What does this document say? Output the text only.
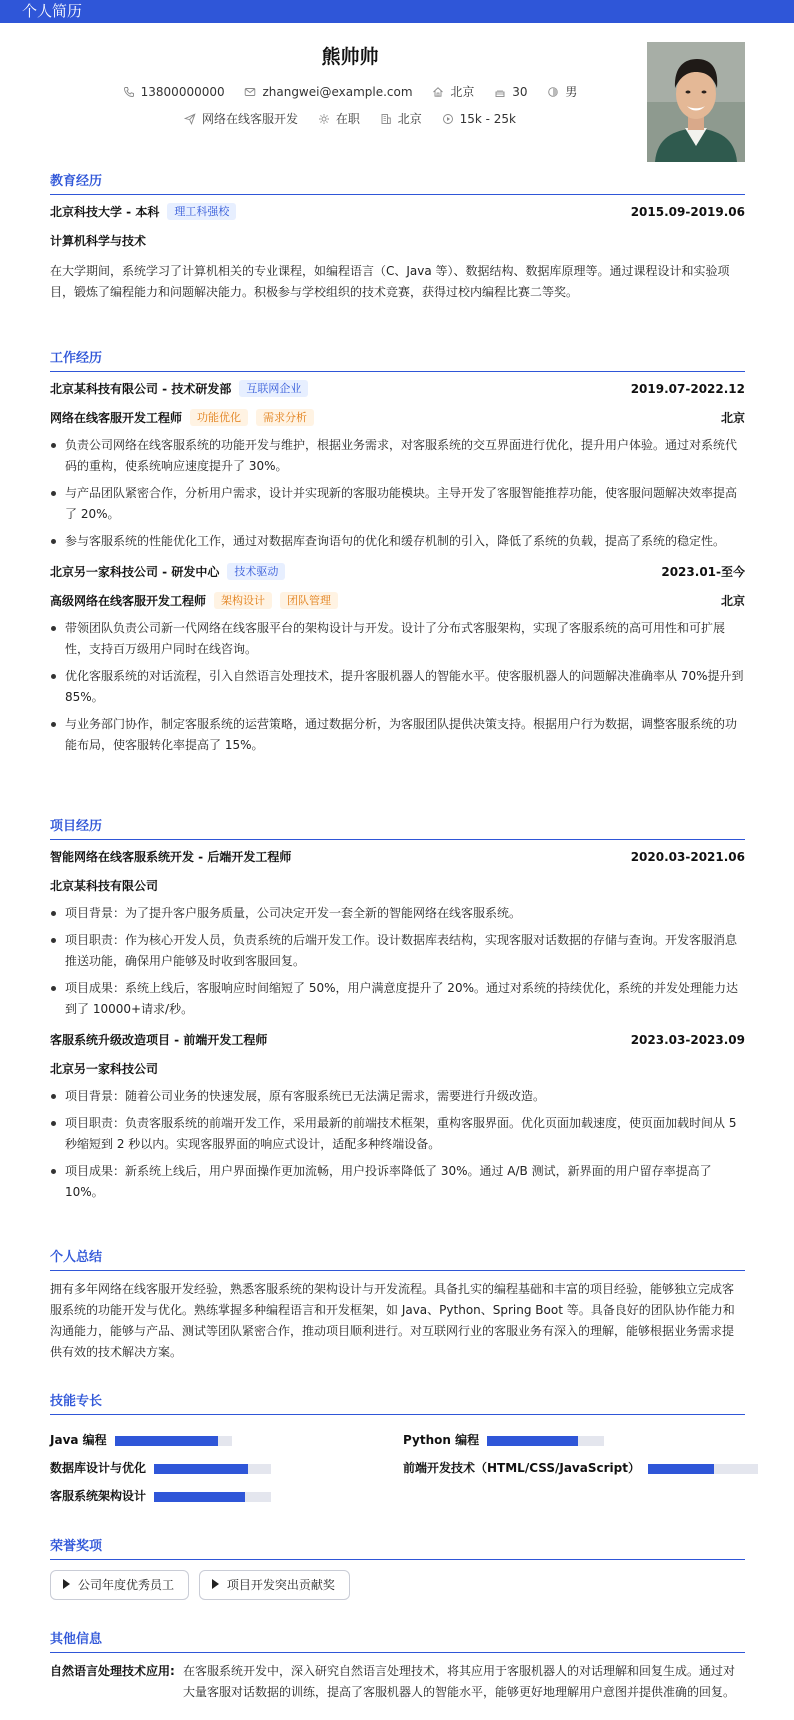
个人简历
熊帅帅
13800000000	zhangwei@example.com	北京	30	男
网络在线客服开发	在职	北京	15k - 25k
教育经历
北京科技大学 - 本科 理工科强校	2015.09-2019.06
计算机科学与技术
在大学期间，系统学习了计算机相关的专业课程，如编程语言（C、Java 等）、数据结构、数据库原理等。通过课程设计和实验项目，锻炼了编程能力和问题解决能力。积极参与学校组织的技术竞赛，获得过校内编程比赛二等奖。
工作经历
北京某科技有限公司 - 技术研发部 互联网企业	2019.07-2022.12
网络在线客服开发工程师 功能优化 需求分析	北京
负责公司网络在线客服系统的功能开发与维护，根据业务需求，对客服系统的交互界面进行优化，提升用户体验。通过对系统代码的重构，使系统响应速度提升了 30%。
与产品团队紧密合作，分析用户需求，设计并实现新的客服功能模块。主导开发了客服智能推荐功能，使客服问题解决效率提高了 20%。
参与客服系统的性能优化工作，通过对数据库查询语句的优化和缓存机制的引入，降低了系统的负载，提高了系统的稳定性。
北京另一家科技公司 - 研发中心 技术驱动	2023.01-至今
高级网络在线客服开发工程师 架构设计 团队管理	北京
带领团队负责公司新一代网络在线客服平台的架构设计与开发。设计了分布式客服架构，实现了客服系统的高可用性和可扩展性，支持百万级用户同时在线咨询。
优化客服系统的对话流程，引入自然语言处理技术，提升客服机器人的智能水平。使客服机器人的问题解决准确率从 70%提升到 85%。
与业务部门协作，制定客服系统的运营策略，通过数据分析，为客服团队提供决策支持。根据用户行为数据，调整客服系统的功能布局，使客服转化率提高了 15%。
项目经历
智能网络在线客服系统开发 - 后端开发工程师	2020.03-2021.06
北京某科技有限公司
项目背景：为了提升客户服务质量，公司决定开发一套全新的智能网络在线客服系统。
项目职责：作为核心开发人员，负责系统的后端开发工作。设计数据库表结构，实现客服对话数据的存储与查询。开发客服消息推送功能，确保用户能够及时收到客服回复。
项目成果：系统上线后，客服响应时间缩短了 50%，用户满意度提升了 20%。通过对系统的持续优化，系统的并发处理能力达到了 10000+请求/秒。
客服系统升级改造项目 - 前端开发工程师	2023.03-2023.09
北京另一家科技公司
项目背景：随着公司业务的快速发展，原有客服系统已无法满足需求，需要进行升级改造。
项目职责：负责客服系统的前端开发工作，采用最新的前端技术框架，重构客服界面。优化页面加载速度，使页面加载时间从 5 秒缩短到 2 秒以内。实现客服界面的响应式设计，适配多种终端设备。
项目成果：新系统上线后，用户界面操作更加流畅，用户投诉率降低了 30%。通过 A/B 测试，新界面的用户留存率提高了 10%。
个人总结
拥有多年网络在线客服开发经验，熟悉客服系统的架构设计与开发流程。具备扎实的编程基础和丰富的项目经验，能够独立完成客服系统的功能开发与优化。熟练掌握多种编程语言和开发框架，如 Java、Python、Spring Boot 等。具备良好的团队协作能力和沟通能力，能够与产品、测试等团队紧密合作，推动项目顺利进行。对互联网行业的客服业务有深入的理解，能够根据业务需求提供有效的技术解决方案。
技能专长
Java 编程	Python 编程
数据库设计与优化	前端开发技术（HTML/CSS/JavaScript）
客服系统架构设计
荣誉奖项
公司年度优秀员工	项目开发突出贡献奖
其他信息
自然语言处理技术应用: 在客服系统开发中，深入研究自然语言处理技术，将其应用于客服机器人的对话理解和回复生成。通过对大量客服对话数据的训练，提高了客服机器人的智能水平，能够更好地理解用户意图并提供准确的回复。
